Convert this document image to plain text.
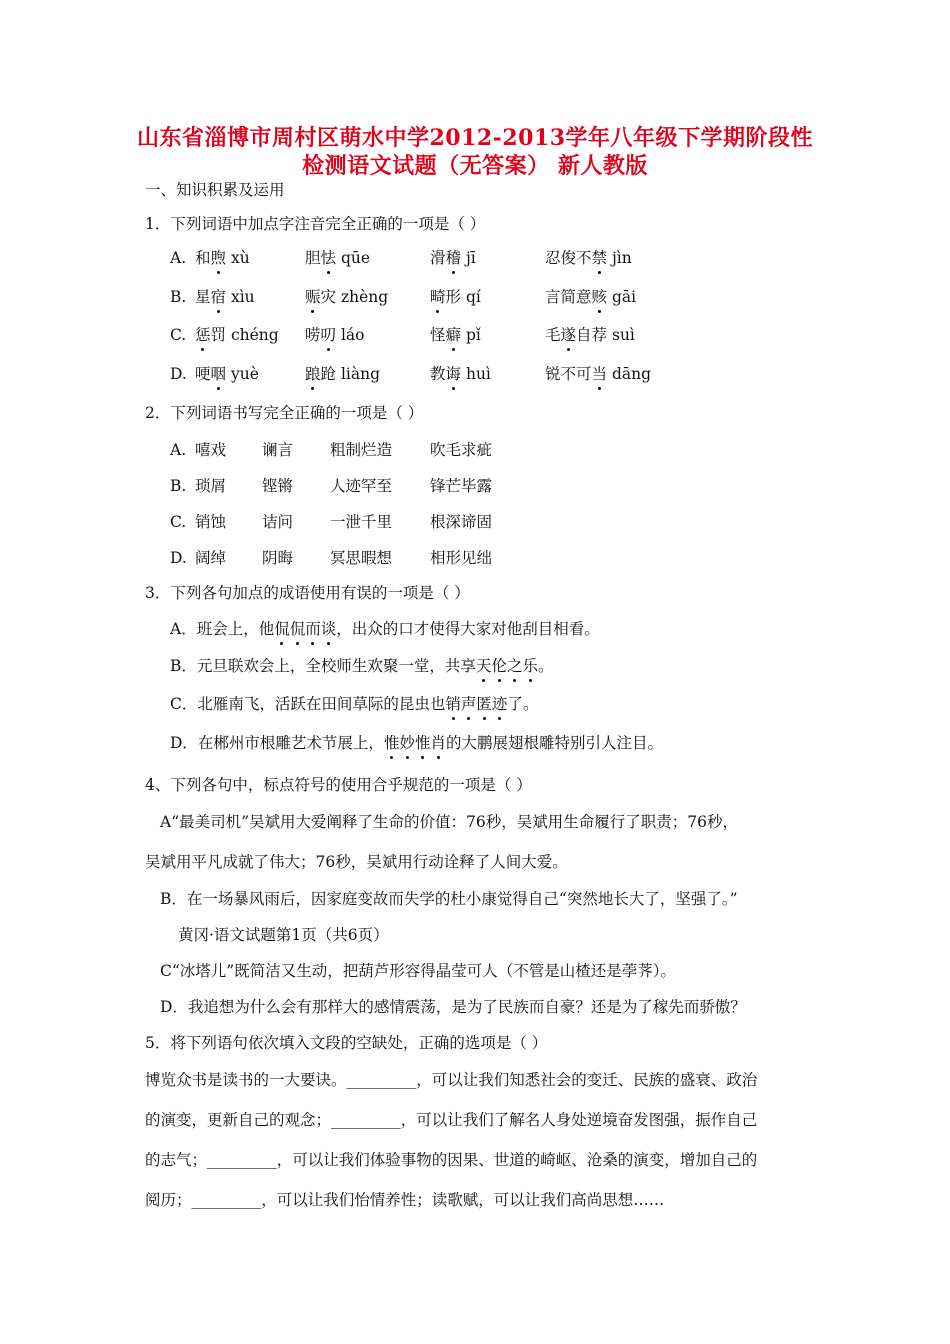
山东省淄博市周村区萌水中学2012-2013学年八年级下学期阶段性
检测语文试题（无答案） 新人教版
一、知识积累及运用
1．下列词语中加点字注音完全正确的一项是（ ）
A. 和煦 xù	胆怯 qūe	滑稽 jī	忍俊不禁 jìn
B. 星宿 xìu	赈灾 zhèng	畸形 qí	言简意赅 gāi
C. 惩罚 chéng 唠叨 láo	怪癖 pǐ	毛遂自荐 suì
D. 哽咽 yuè	踉跄 liàng	教诲 huì	锐不可当 dāng
2．下列词语书写完全正确的一项是（ ）
A. 嘻戏 谰言 粗制烂造 吹毛求疵
B. 琐屑 铿锵 人迹罕至 锋芒毕露
C. 销蚀 诘问 一泄千里 根深谛固
D. 阔绰 阴晦 冥思暇想 相形见绌
3．下列各句加点的成语使用有误的一项是（ ）
A．班会上，他侃侃而谈，出众的口才使得大家对他刮目相看。
B．元旦联欢会上，全校师生欢聚一堂，共享天伦之乐。
C．北雁南飞，活跃在田间草际的昆虫也销声匿迹了。
D．在郴州市根雕艺术节展上，惟妙惟肖的大鹏展翅根雕特别引人注目。
4、下列各句中，标点符号的使用合乎规范的一项是（ ）
A“最美司机”吴斌用大爱阐释了生命的价值：76秒，吴斌用生命履行了职责；76秒，
吴斌用平凡成就了伟大；76秒，吴斌用行动诠释了人间大爱。
B．在一场暴风雨后，因家庭变故而失学的杜小康觉得自己“突然地长大了，坚强了。”
黄冈·语文试题第1页（共6页）
C“冰塔儿”既简洁又生动，把葫芦形容得晶莹可人（不管是山楂还是荸荠）。
D．我追想为什么会有那样大的感情震荡，是为了民族而自豪？还是为了稼先而骄傲？
5．将下列语句依次填入文段的空缺处，正确的选项是（ ）
博览众书是读书的一大要诀。_________，可以让我们知悉社会的变迁、民族的盛衰、政治
的演变，更新自己的观念；_________，可以让我们了解名人身处逆境奋发图强，振作自己
的志气；_________，可以让我们体验事物的因果、世道的崎岖、沧桑的演变，增加自己的
阅历；_________，可以让我们怡情养性；读歌赋，可以让我们高尚思想……
